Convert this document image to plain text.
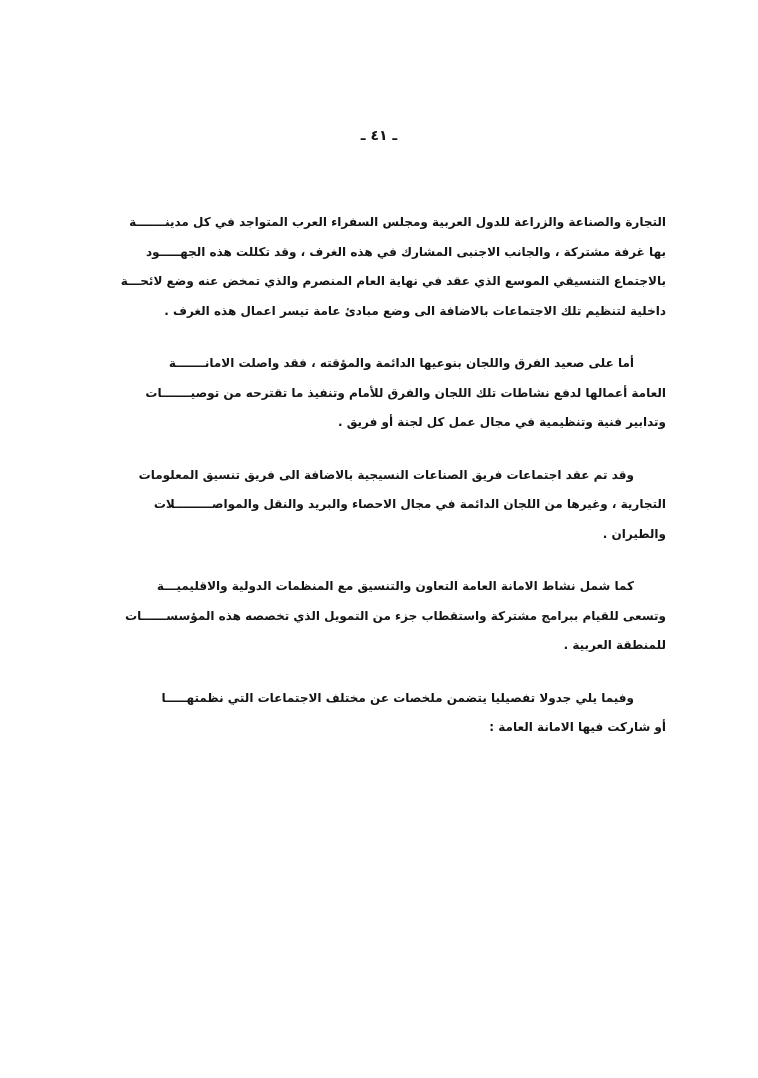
ـ ٤١ ـ

التجارة والصناعة والزراعة للدول العربية ومجلس السفراء العرب المتواجد في كل مدينـــــــة
بها غرفة مشتركة ، والجانب الاجنبى المشارك في هذه الغرف ، وقد تكللت هذه الجهـــــود
بالاجتماع التنسيقي الموسع الذي عقد في نهاية العام المنصرم والذي تمخض عنه وضع لائحـــة
داخلية لتنظيم تلك الاجتماعات بالاضافة الى وضع مبادئ عامة تيسر اعمال هذه الغرف .

أما على صعيد الفرق واللجان بنوعيها الدائمة والمؤقته ، فقد واصلت الامانـــــــة
العامة أعمالها لدفع نشاطات تلك اللجان والفرق للأمام وتنفيذ ما تقترحه من توصيـــــــات
وتدابير فنية وتنظيمية في مجال عمل كل لجنة أو فريق .

وقد تم عقد اجتماعات فريق الصناعات النسيجية بالاضافة الى فريق تنسيق المعلومات
التجارية ، وغيرها من اللجان الدائمة في مجال الاحصاء والبريد والنقل والمواصـــــــــلات
والطيران .

كما شمل نشاط الامانة العامة التعاون والتنسيق مع المنظمات الدولية والاقليميـــة
وتسعى للقيام ببرامج مشتركة واستقطاب جزء من التمويل الذي تخصصه هذه المؤسســــــات
للمنطقة العربية .

وفيما يلي جدولا تفصيليا يتضمن ملخصات عن مختلف الاجتماعات التي نظمتهـــــا
أو شاركت فيها الامانة العامة :
